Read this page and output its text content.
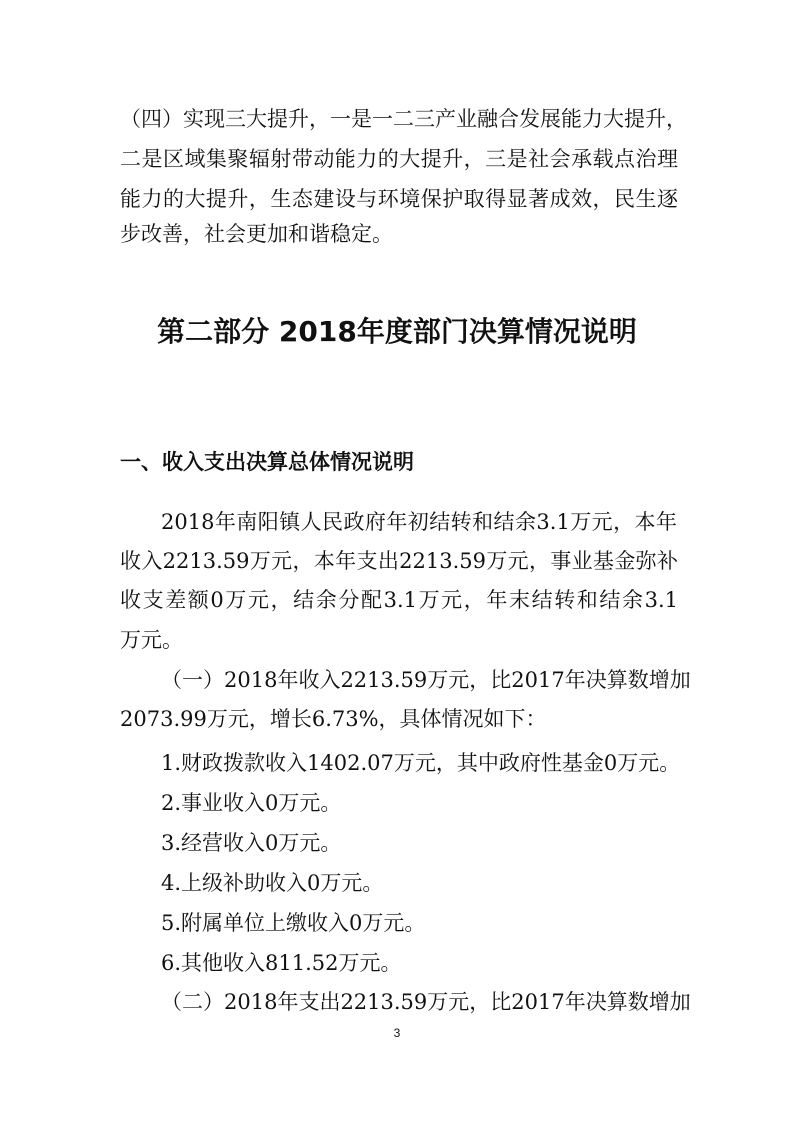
（四）实现三大提升，一是一二三产业融合发展能力大提升，
二是区域集聚辐射带动能力的大提升，三是社会承载点治理
能力的大提升，生态建设与环境保护取得显著成效，民生逐
步改善，社会更加和谐稳定。
第二部分 2018年度部门决算情况说明
一、收入支出决算总体情况说明
2018年南阳镇人民政府年初结转和结余3.1万元，本年
收入2213.59万元，本年支出2213.59万元，事业基金弥补
收支差额0万元，结余分配3.1万元，年末结转和结余3.1
万元。
（一）2018年收入2213.59万元，比2017年决算数增加
2073.99万元，增长6.73%，具体情况如下：
1.财政拨款收入1402.07万元，其中政府性基金0万元。
2.事业收入0万元。
3.经营收入0万元。
4.上级补助收入0万元。
5.附属单位上缴收入0万元。
6.其他收入811.52万元。
（二）2018年支出2213.59万元，比2017年决算数增加
3
